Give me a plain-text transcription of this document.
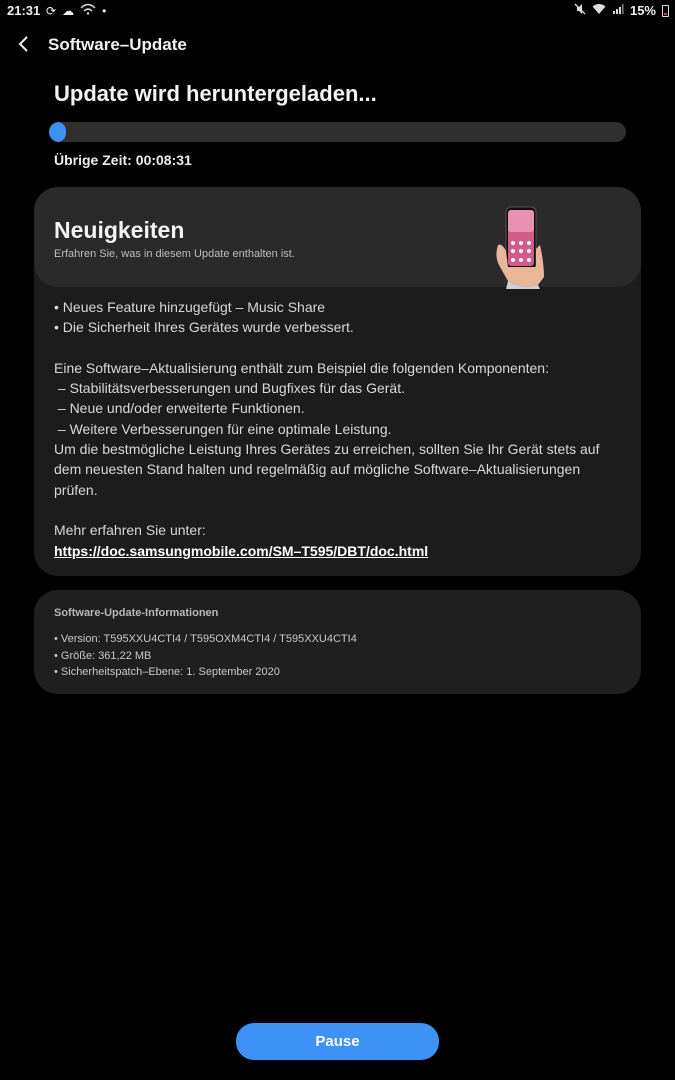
21:31 ⟳ ☁ •	15%
Software–Update
Update wird heruntergeladen...
Übrige Zeit: 00:08:31
Neuigkeiten
Erfahren Sie, was in diesem Update enthalten ist.
• Neues Feature hinzugefügt – Music Share
• Die Sicherheit Ihres Gerätes wurde verbessert.
Eine Software–Aktualisierung enthält zum Beispiel die folgenden Komponenten:
– Stabilitätsverbesserungen und Bugfixes für das Gerät.
– Neue und/oder erweiterte Funktionen.
– Weitere Verbesserungen für eine optimale Leistung.
Um die bestmögliche Leistung Ihres Gerätes zu erreichen, sollten Sie Ihr Gerät stets auf dem neuesten Stand halten und regelmäßig auf mögliche Software–Aktualisierungen prüfen.
Mehr erfahren Sie unter:
https://doc.samsungmobile.com/SM–T595/DBT/doc.html
Software-Update-Informationen
• Version: T595XXU4CTI4 / T595OXM4CTI4 / T595XXU4CTI4
• Größe: 361,22 MB
• Sicherheitspatch–Ebene: 1. September 2020
Pause
